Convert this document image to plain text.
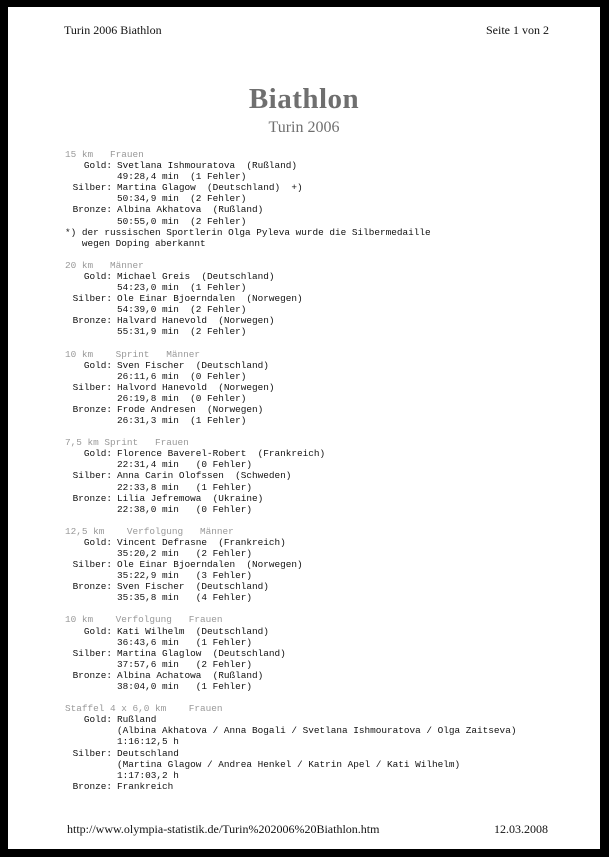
Turin 2006 Biathlon	Seite 1 von 2
Biathlon
Turin 2006
15 km   Frauen
Gold: Svetlana Ishmouratova  (Rußland)
49:28,4 min  (1 Fehler)
Silber: Martina Glagow  (Deutschland)  +)
50:34,9 min  (2 Fehler)
Bronze: Albina Akhatova  (Rußland)
50:55,0 min  (2 Fehler)
*) der russischen Sportlerin Olga Pyleva wurde die Silbermedaille
wegen Doping aberkannt
20 km   Männer
Gold: Michael Greis  (Deutschland)
54:23,0 min  (1 Fehler)
Silber: Ole Einar Bjoerndalen  (Norwegen)
54:39,0 min  (2 Fehler)
Bronze: Halvard Hanevold  (Norwegen)
55:31,9 min  (2 Fehler)
10 km    Sprint   Männer
Gold: Sven Fischer  (Deutschland)
26:11,6 min  (0 Fehler)
Silber: Halvord Hanevold  (Norwegen)
26:19,8 min  (0 Fehler)
Bronze: Frode Andresen  (Norwegen)
26:31,3 min  (1 Fehler)
7,5 km Sprint   Frauen
Gold: Florence Baverel-Robert  (Frankreich)
22:31,4 min   (0 Fehler)
Silber: Anna Carin Olofssen  (Schweden)
22:33,8 min   (1 Fehler)
Bronze: Lilia Jefremowa  (Ukraine)
22:38,0 min   (0 Fehler)
12,5 km    Verfolgung   Männer
Gold: Vincent Defrasne  (Frankreich)
35:20,2 min   (2 Fehler)
Silber: Ole Einar Bjoerndalen  (Norwegen)
35:22,9 min   (3 Fehler)
Bronze: Sven Fischer  (Deutschland)
35:35,8 min   (4 Fehler)
10 km    Verfolgung   Frauen
Gold: Kati Wilhelm  (Deutschland)
36:43,6 min   (1 Fehler)
Silber: Martina Glaglow  (Deutschland)
37:57,6 min   (2 Fehler)
Bronze: Albina Achatowa  (Rußland)
38:04,0 min   (1 Fehler)
Staffel 4 x 6,0 km    Frauen
Gold: Rußland
(Albina Akhatova / Anna Bogali / Svetlana Ishmouratova / Olga Zaitseva)
1:16:12,5 h
Silber: Deutschland
(Martina Glagow / Andrea Henkel / Katrin Apel / Kati Wilhelm)
1:17:03,2 h
Bronze: Frankreich
http://www.olympia-statistik.de/Turin%202006%20Biathlon.htm	12.03.2008
